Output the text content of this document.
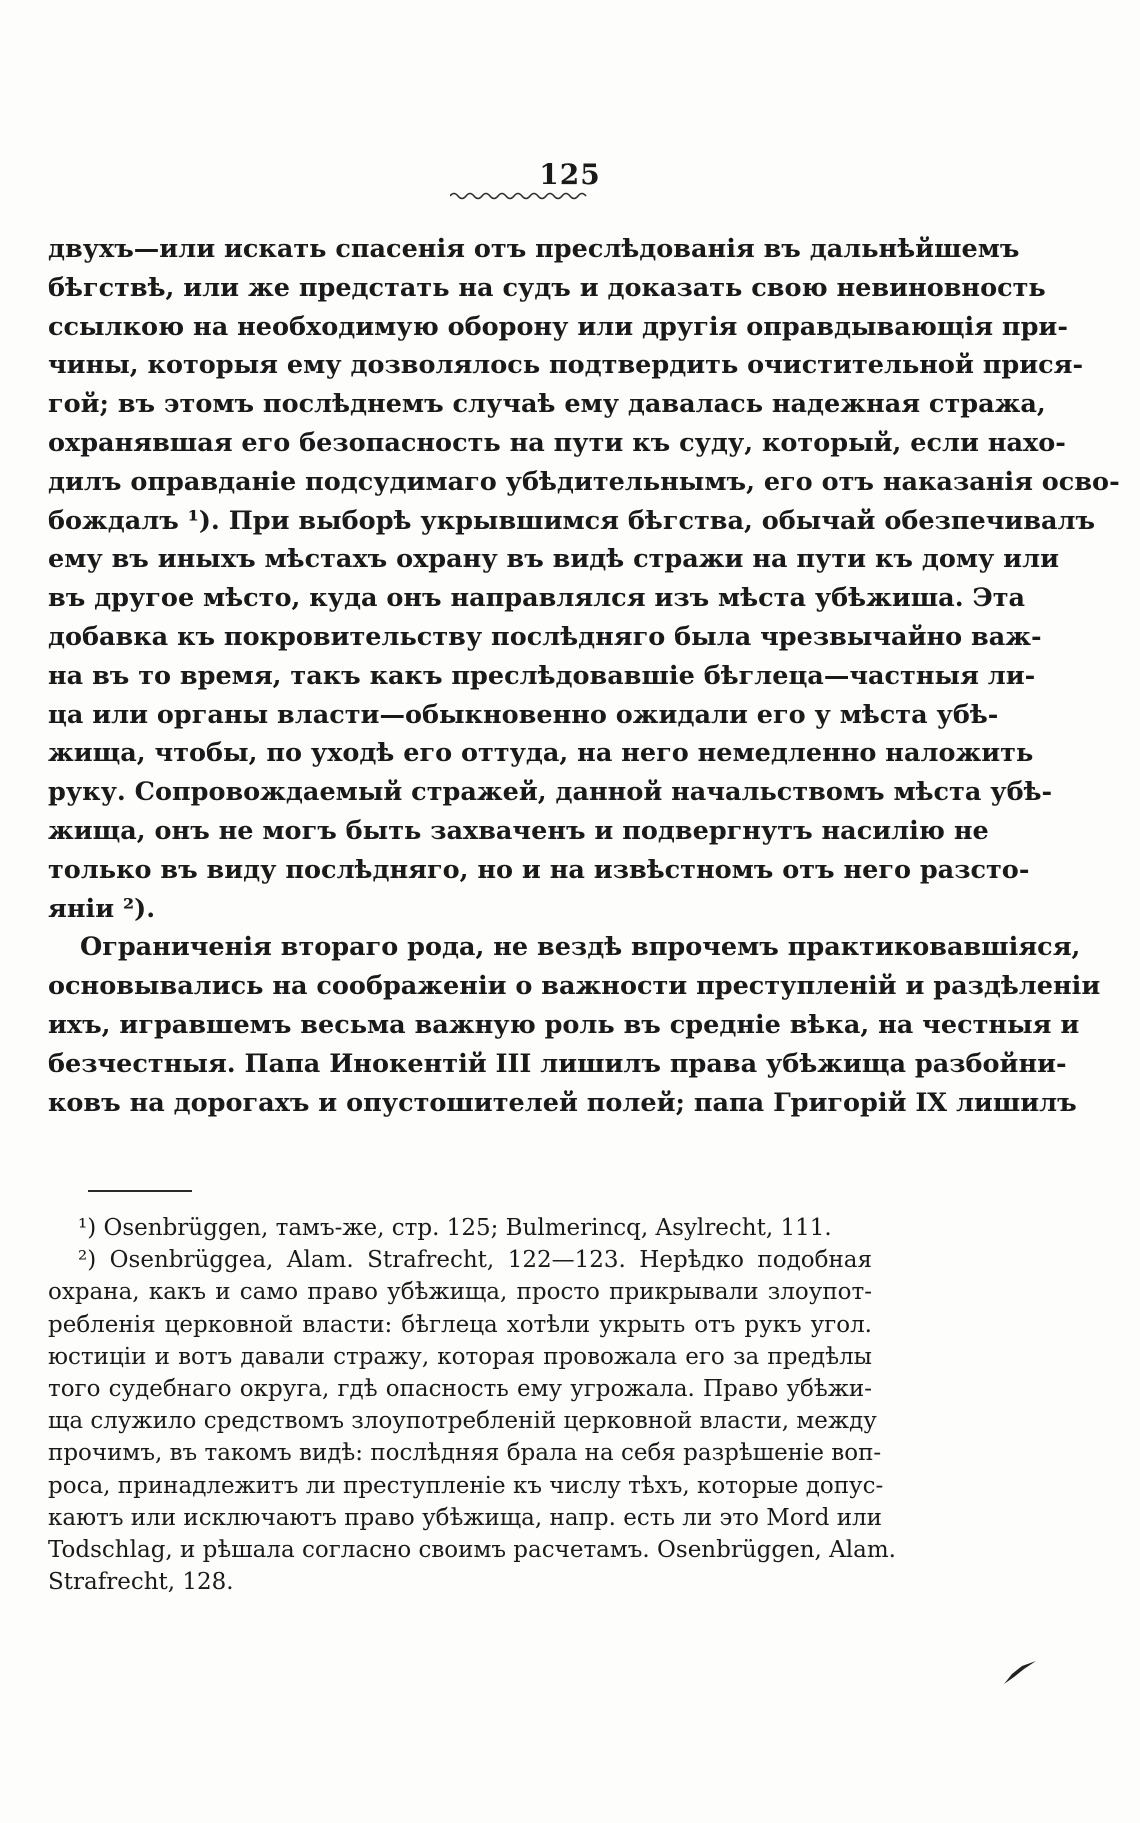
125

двухъ—или искать спасенія отъ преслѣдованія въ дальнѣйшемъ
бѣгствѣ, или же предстать на судъ и доказать свою невиновность
ссылкою на необходимую оборону или другія оправдывающія при-
чины, которыя ему дозволялось подтвердить очистительной прися-
гой; въ этомъ послѣднемъ случаѣ ему давалась надежная стража,
охранявшая его безопасность на пути къ суду, который, если нахо-
дилъ оправданіе подсудимаго убѣдительнымъ, его отъ наказанія осво-
бождалъ ¹). При выборѣ укрывшимся бѣгства, обычай обезпечивалъ
ему въ иныхъ мѣстахъ охрану въ видѣ стражи на пути къ дому или
въ другое мѣсто, куда онъ направлялся изъ мѣста убѣжиша. Эта
добавка къ покровительству послѣдняго была чрезвычайно важ-
на въ то время, такъ какъ преслѣдовавшіе бѣглеца—частныя ли-
ца или органы власти—обыкновенно ожидали его у мѣста убѣ-
жища, чтобы, по уходѣ его оттуда, на него немедленно наложить
руку. Сопровождаемый стражей, данной начальствомъ мѣста убѣ-
жища, онъ не могъ быть захваченъ и подвергнутъ насилію не
только въ виду послѣдняго, но и на извѣстномъ отъ него разсто-
яніи ²).

Ограниченія втораго рода, не вездѣ впрочемъ практиковавшіяся,
основывались на соображеніи о важности преступленій и раздѣленіи
ихъ, игравшемъ весьма важную роль въ средніе вѣка, на честныя и
безчестныя. Папа Инокентій III лишилъ права убѣжища разбойни-
ковъ на дорогахъ и опустошителей полей; папа Григорій IX лишилъ

¹) Osenbrüggen, тамъ-же, стр. 125; Bulmerincq, Asylrecht, 111.

²) Osenbrüggea, Alam. Strafrecht, 122—123. Нерѣдко подобная
охрана, какъ и само право убѣжища, просто прикрывали злоупот-
ребленія церковной власти: бѣглеца хотѣли укрыть отъ рукъ угол.
юстиціи и вотъ давали стражу, которая провожала его за предѣлы
того судебнаго округа, гдѣ опасность ему угрожала. Право убѣжи-
ща служило средствомъ злоупотребленій церковной власти, между
прочимъ, въ такомъ видѣ: послѣдняя брала на себя разрѣшеніе воп-
роса, принадлежитъ ли преступленіе къ числу тѣхъ, которые допус-
каютъ или исключаютъ право убѣжища, напр. есть ли это Mord или
Todschlag, и рѣшала согласно своимъ расчетамъ. Osenbrüggen, Alam.
Strafrecht, 128.
